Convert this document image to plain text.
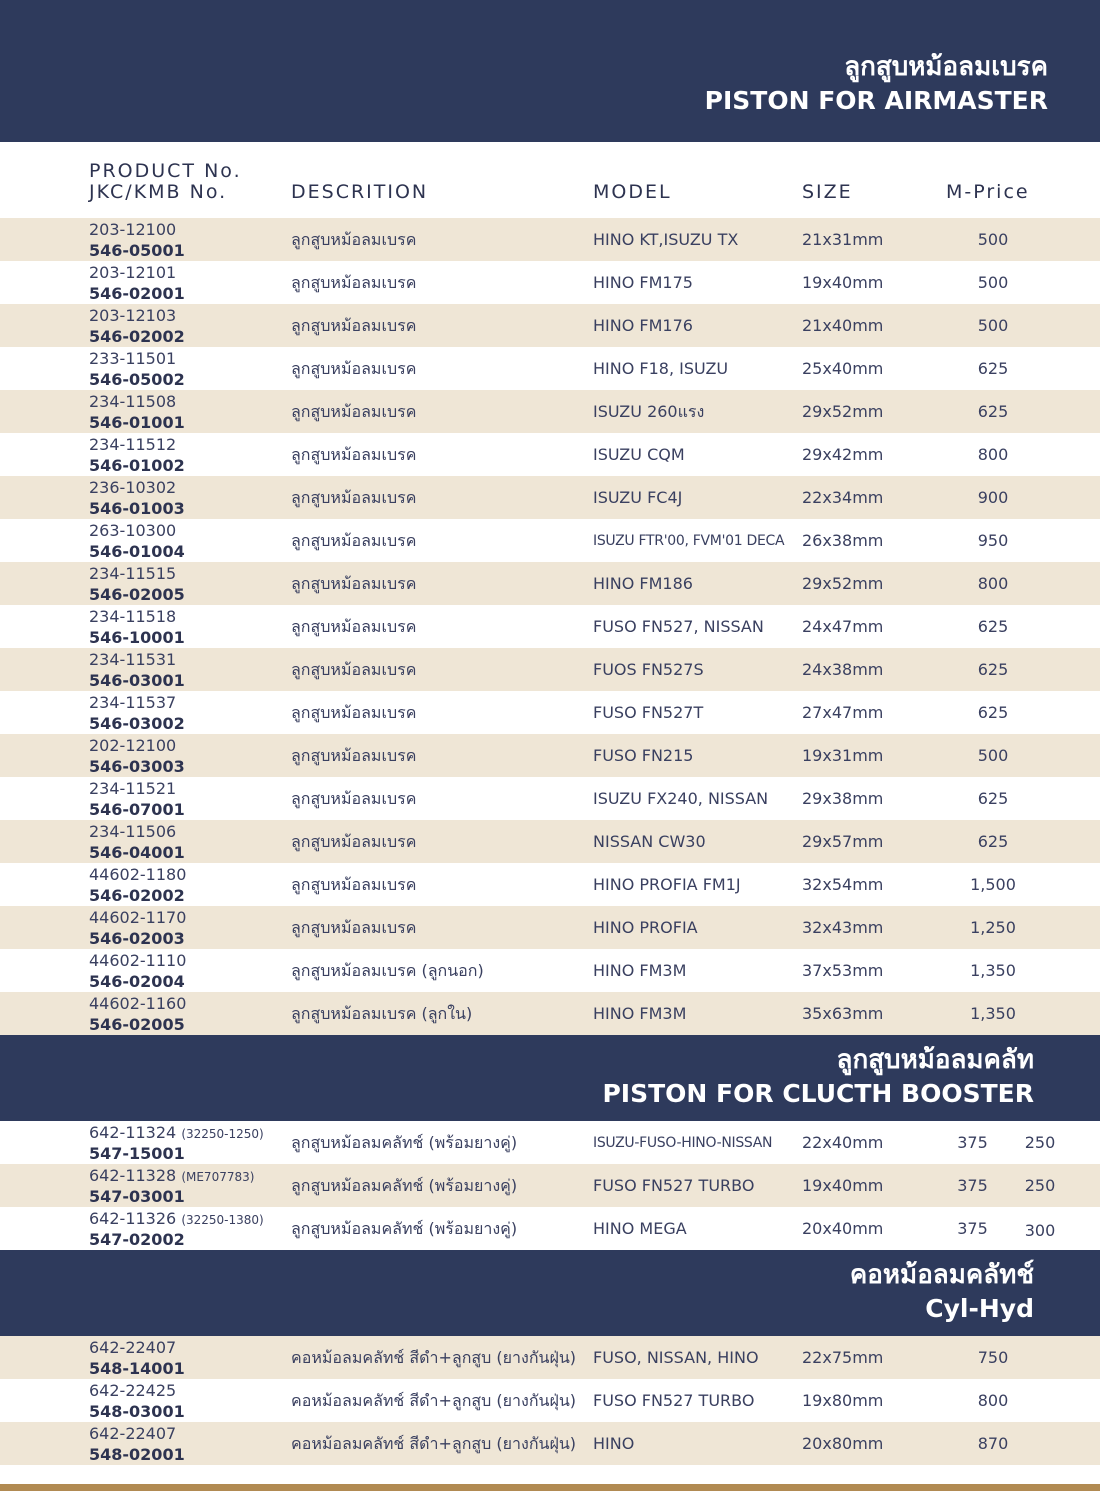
ลูกสูบหม้อลมเบรค
PISTON FOR AIRMASTER
PRODUCT No.
JKC/KMB No.	DESCRITION	MODEL	SIZE	M-Price
203-12100
546-05001
ลูกสูบหม้อลมเบรค	HINO KT,ISUZU TX	21x31mm	500
203-12101
546-02001
ลูกสูบหม้อลมเบรค	HINO FM175	19x40mm	500
203-12103
546-02002
ลูกสูบหม้อลมเบรค	HINO FM176	21x40mm	500
233-11501
546-05002
ลูกสูบหม้อลมเบรค	HINO F18, ISUZU	25x40mm	625
234-11508
546-01001
ลูกสูบหม้อลมเบรค	ISUZU 260แรง	29x52mm	625
234-11512
546-01002
ลูกสูบหม้อลมเบรค	ISUZU CQM	29x42mm	800
236-10302
546-01003
ลูกสูบหม้อลมเบรค	ISUZU FC4J	22x34mm	900
263-10300
546-01004
ลูกสูบหม้อลมเบรค	ISUZU FTR'00, FVM'01 DECA 26x38mm	950
234-11515
546-02005
ลูกสูบหม้อลมเบรค	HINO FM186	29x52mm	800
234-11518
546-10001
ลูกสูบหม้อลมเบรค	FUSO FN527, NISSAN 24x47mm	625
234-11531
546-03001
ลูกสูบหม้อลมเบรค	FUOS FN527S	24x38mm	625
234-11537
546-03002
ลูกสูบหม้อลมเบรค	FUSO FN527T	27x47mm	625
202-12100
546-03003
ลูกสูบหม้อลมเบรค	FUSO FN215	19x31mm	500
234-11521
546-07001
ลูกสูบหม้อลมเบรค	ISUZU FX240, NISSAN 29x38mm	625
234-11506
546-04001
ลูกสูบหม้อลมเบรค	NISSAN CW30	29x57mm	625
44602-1180
546-02002
ลูกสูบหม้อลมเบรค	HINO PROFIA FM1J	32x54mm	1,500
44602-1170
546-02003
ลูกสูบหม้อลมเบรค	HINO PROFIA	32x43mm	1,250
44602-1110
546-02004
ลูกสูบหม้อลมเบรค (ลูกนอก)	HINO FM3M	37x53mm	1,350
44602-1160
546-02005
ลูกสูบหม้อลมเบรค (ลูกใน)	HINO FM3M	35x63mm	1,350
ลูกสูบหม้อลมคลัท
PISTON FOR CLUCTH BOOSTER
642-11324 (32250-1250)
547-15001
ลูกสูบหม้อลมคลัทช์ (พร้อมยางคู่)	ISUZU-FUSO-HINO-NISSAN 22x40mm	375	250
642-11328 (ME707783)
547-03001
ลูกสูบหม้อลมคลัทช์ (พร้อมยางคู่)	FUSO FN527 TURBO	19x40mm	375	250
642-11326 (32250-1380)
547-02002
ลูกสูบหม้อลมคลัทช์ (พร้อมยางคู่)	HINO MEGA	20x40mm	375	300
คอหม้อลมคลัทช์
Cyl-Hyd
642-22407
548-14001
คอหม้อลมคลัทช์ สีดำ+ลูกสูบ (ยางกันฝุ่น) FUSO, NISSAN, HINO	22x75mm	750
642-22425
548-03001
คอหม้อลมคลัทช์ สีดำ+ลูกสูบ (ยางกันฝุ่น) FUSO FN527 TURBO	19x80mm	800
642-22407
548-02001
คอหม้อลมคลัทช์ สีดำ+ลูกสูบ (ยางกันฝุ่น) HINO	20x80mm	870
